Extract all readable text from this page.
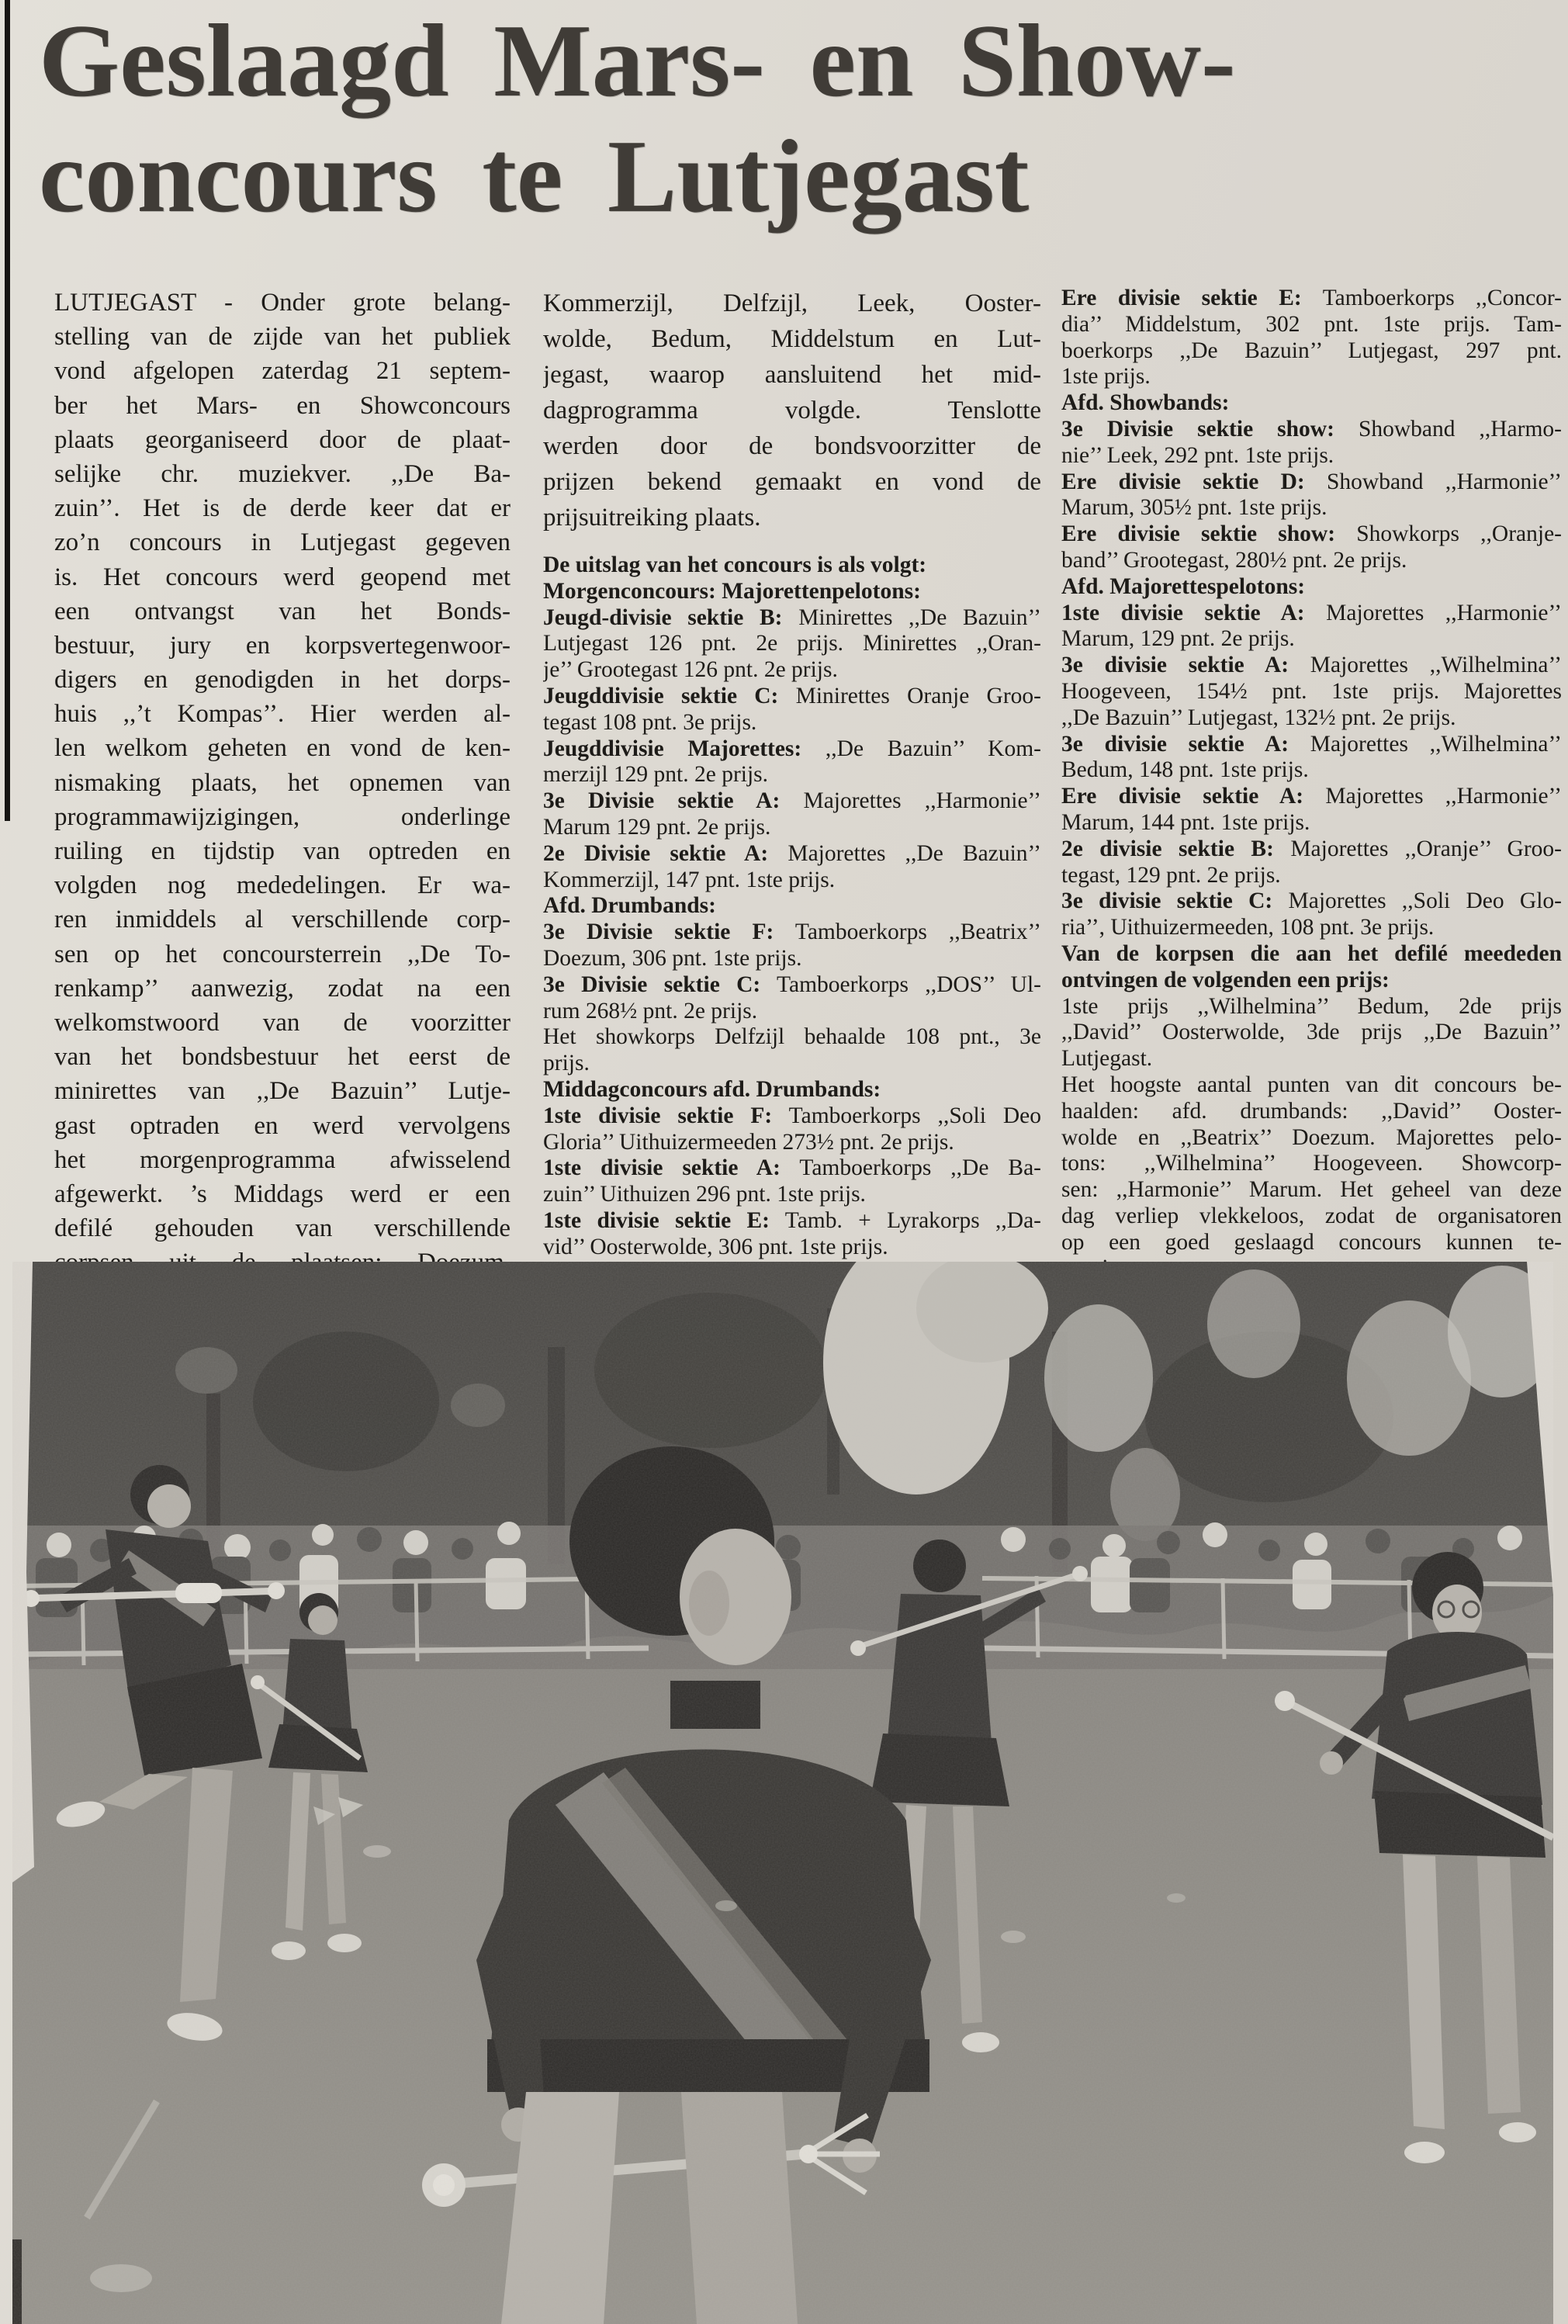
Geslaagd Mars- en Show-
concours te Lutjegast
LUTJEGAST - Onder grote belang-
stelling van de zijde van het publiek
vond afgelopen zaterdag 21 septem-
ber het Mars- en Showconcours
plaats georganiseerd door de plaat-
selijke chr. muziekver. ,,De Ba-
zuin’’. Het is de derde keer dat er
zo’n concours in Lutjegast gegeven
is. Het concours werd geopend met
een ontvangst van het Bonds-
bestuur, jury en korpsvertegenwoor-
digers en genodigden in het dorps-
huis ,,’t Kompas’’. Hier werden al-
len welkom geheten en vond de ken-
nismaking plaats, het opnemen van
programmawijzigingen, onderlinge
ruiling en tijdstip van optreden en
volgden nog mededelingen. Er wa-
ren inmiddels al verschillende corp-
sen op het concoursterrein ,,De To-
renkamp’’ aanwezig, zodat na een
welkomstwoord van de voorzitter
van het bondsbestuur het eerst de
minirettes van ,,De Bazuin’’ Lutje-
gast optraden en werd vervolgens
het morgenprogramma afwisselend
afgewerkt. ’s Middags werd er een
defilé gehouden van verschillende
Kommerzijl, Delfzijl, Leek, Ooster-
wolde, Bedum, Middelstum en Lut-
jegast, waarop aansluitend het mid-
dagprogramma volgde. Tenslotte
werden door de bondsvoorzitter de
prijzen bekend gemaakt en vond de
prijsuitreiking plaats.
De uitslag van het concours is als volgt:
Morgenconcours: Majorettenpelotons:
Jeugd-divisie sektie B: Minirettes ,,De Bazuin’’
Lutjegast 126 pnt. 2e prijs. Minirettes ,,Oran-
je’’ Grootegast 126 pnt. 2e prijs.
Jeugddivisie sektie C: Minirettes Oranje Groo-
tegast 108 pnt. 3e prijs.
Jeugddivisie Majorettes: ,,De Bazuin’’ Kom-
merzijl 129 pnt. 2e prijs.
3e Divisie sektie A: Majorettes ,,Harmonie’’
Marum 129 pnt. 2e prijs.
2e Divisie sektie A: Majorettes ,,De Bazuin’’
Kommerzijl, 147 pnt. 1ste prijs.
Afd. Drumbands:
3e Divisie sektie F: Tamboerkorps ,,Beatrix’’
Doezum, 306 pnt. 1ste prijs.
3e Divisie sektie C: Tamboerkorps ,,DOS’’ Ul-
rum 268½ pnt. 2e prijs.
Het showkorps Delfzijl behaalde 108 pnt., 3e
prijs.
Middagconcours afd. Drumbands:
1ste divisie sektie F: Tamboerkorps ,,Soli Deo
Gloria’’ Uithuizermeeden 273½ pnt. 2e prijs.
1ste divisie sektie A: Tamboerkorps ,,De Ba-
zuin’’ Uithuizen 296 pnt. 1ste prijs.
1ste divisie sektie E: Tamb. + Lyrakorps ,,Da-
vid’’ Oosterwolde, 306 pnt. 1ste prijs.
Ere divisie sektie E: Tamboerkorps ,,Concor-
dia’’ Middelstum, 302 pnt. 1ste prijs. Tam-
boerkorps ,,De Bazuin’’ Lutjegast, 297 pnt.
1ste prijs.
Afd. Showbands:
3e Divisie sektie show: Showband ,,Harmo-
nie’’ Leek, 292 pnt. 1ste prijs.
Ere divisie sektie D: Showband ,,Harmonie’’
Marum, 305½ pnt. 1ste prijs.
Ere divisie sektie show: Showkorps ,,Oranje-
band’’ Grootegast, 280½ pnt. 2e prijs.
Afd. Majorettespelotons:
1ste divisie sektie A: Majorettes ,,Harmonie’’
Marum, 129 pnt. 2e prijs.
3e divisie sektie A: Majorettes ,,Wilhelmina’’
Hoogeveen, 154½ pnt. 1ste prijs. Majorettes
,,De Bazuin’’ Lutjegast, 132½ pnt. 2e prijs.
3e divisie sektie A: Majorettes ,,Wilhelmina’’
Bedum, 148 pnt. 1ste prijs.
Ere divisie sektie A: Majorettes ,,Harmonie’’
Marum, 144 pnt. 1ste prijs.
2e divisie sektie B: Majorettes ,,Oranje’’ Groo-
tegast, 129 pnt. 2e prijs.
3e divisie sektie C: Majorettes ,,Soli Deo Glo-
ria’’, Uithuizermeeden, 108 pnt. 3e prijs.
Van de korpsen die aan het defilé meededen
ontvingen de volgenden een prijs:
1ste prijs ,,Wilhelmina’’ Bedum, 2de prijs
,,David’’ Oosterwolde, 3de prijs ,,De Bazuin’’
Lutjegast.
Het hoogste aantal punten van dit concours be-
haalden: afd. drumbands: ,,David’’ Ooster-
wolde en ,,Beatrix’’ Doezum. Majorettes pelo-
tons: ,,Wilhelmina’’ Hoogeveen. Showcorp-
sen: ,,Harmonie’’ Marum. Het geheel van deze
dag verliep vlekkeloos, zodat de organisatoren
op een goed geslaagd concours kunnen te-
